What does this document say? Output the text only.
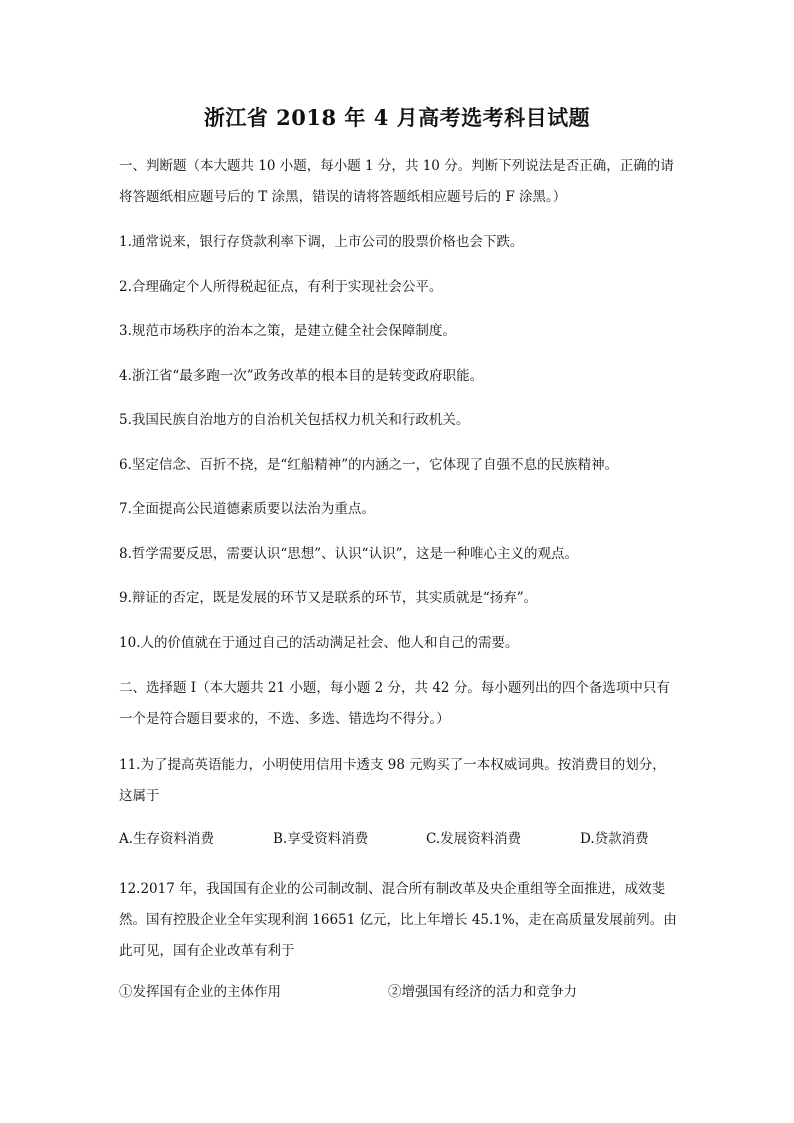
浙江省 2018 年 4 月高考选考科目试题
一、判断题（本大题共 10 小题，每小题 1 分，共 10 分。判断下列说法是否正确，正确的请
将答题纸相应题号后的 T 涂黑，错误的请将答题纸相应题号后的 F 涂黑。）
1.通常说来，银行存贷款利率下调，上市公司的股票价格也会下跌。
2.合理确定个人所得税起征点，有利于实现社会公平。
3.规范市场秩序的治本之策，是建立健全社会保障制度。
4.浙江省“最多跑一次”政务改革的根本目的是转变政府职能。
5.我国民族自治地方的自治机关包括权力机关和行政机关。
6.坚定信念、百折不挠，是“红船精神”的内涵之一，它体现了自强不息的民族精神。
7.全面提高公民道德素质要以法治为重点。
8.哲学需要反思，需要认识“思想”、认识“认识”，这是一种唯心主义的观点。
9.辩证的否定，既是发展的环节又是联系的环节，其实质就是“扬弃”。
10.人的价值就在于通过自己的活动满足社会、他人和自己的需要。
二、选择题 I（本大题共 21 小题，每小题 2 分，共 42 分。每小题列出的四个备选项中只有
一个是符合题目要求的，不选、多选、错选均不得分。）
11.为了提高英语能力，小明使用信用卡透支 98 元购买了一本权威词典。按消费目的划分，
这属于
A.生存资料消费	B.享受资料消费	C.发展资料消费	D.贷款消费
12.2017 年，我国国有企业的公司制改制、混合所有制改革及央企重组等全面推进，成效斐
然。国有控股企业全年实现利润 16651 亿元，比上年增长 45.1%，走在高质量发展前列。由
此可见，国有企业改革有利于
①发挥国有企业的主体作用	②增强国有经济的活力和竞争力
